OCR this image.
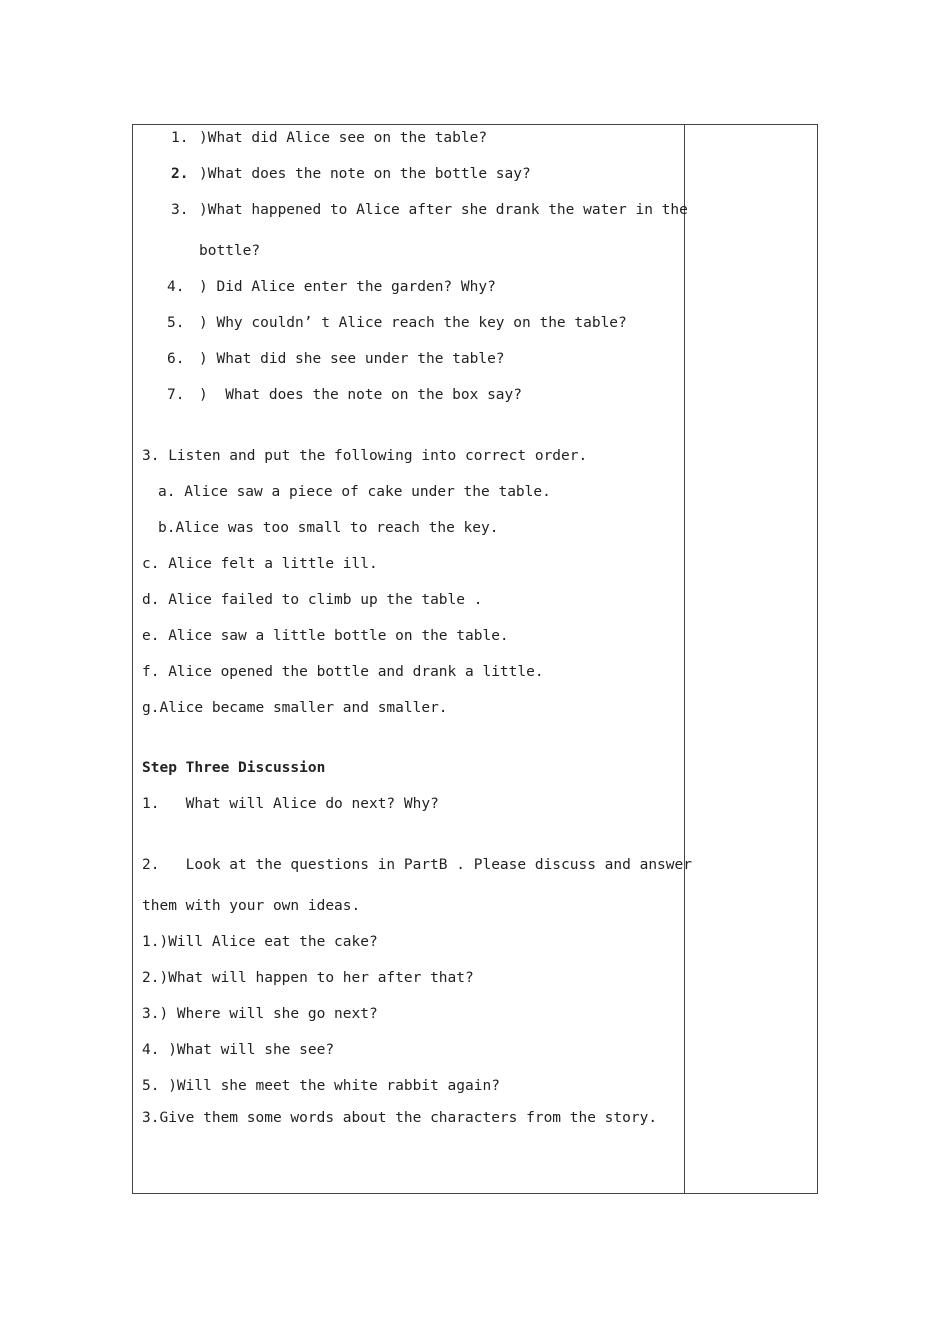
1. )What did Alice see on the table?
2. )What does the note on the bottle say?
3. )What happened to Alice after she drank the water in the
bottle?
4. ) Did Alice enter the garden? Why?
5. ) Why couldn’ t Alice reach the key on the table?
6. ) What did she see under the table?
7. )  What does the note on the box say?
3. Listen and put the following into correct order.
a. Alice saw a piece of cake under the table.
b.Alice was too small to reach the key.
c. Alice felt a little ill.
d. Alice failed to climb up the table .
e. Alice saw a little bottle on the table.
f. Alice opened the bottle and drank a little.
g.Alice became smaller and smaller.
Step Three Discussion
1.   What will Alice do next? Why?
2.   Look at the questions in PartB . Please discuss and answer
them with your own ideas.
1.)Will Alice eat the cake?
2.)What will happen to her after that?
3.) Where will she go next?
4. )What will she see?
5. )Will she meet the white rabbit again?
3.Give them some words about the characters from the story.
